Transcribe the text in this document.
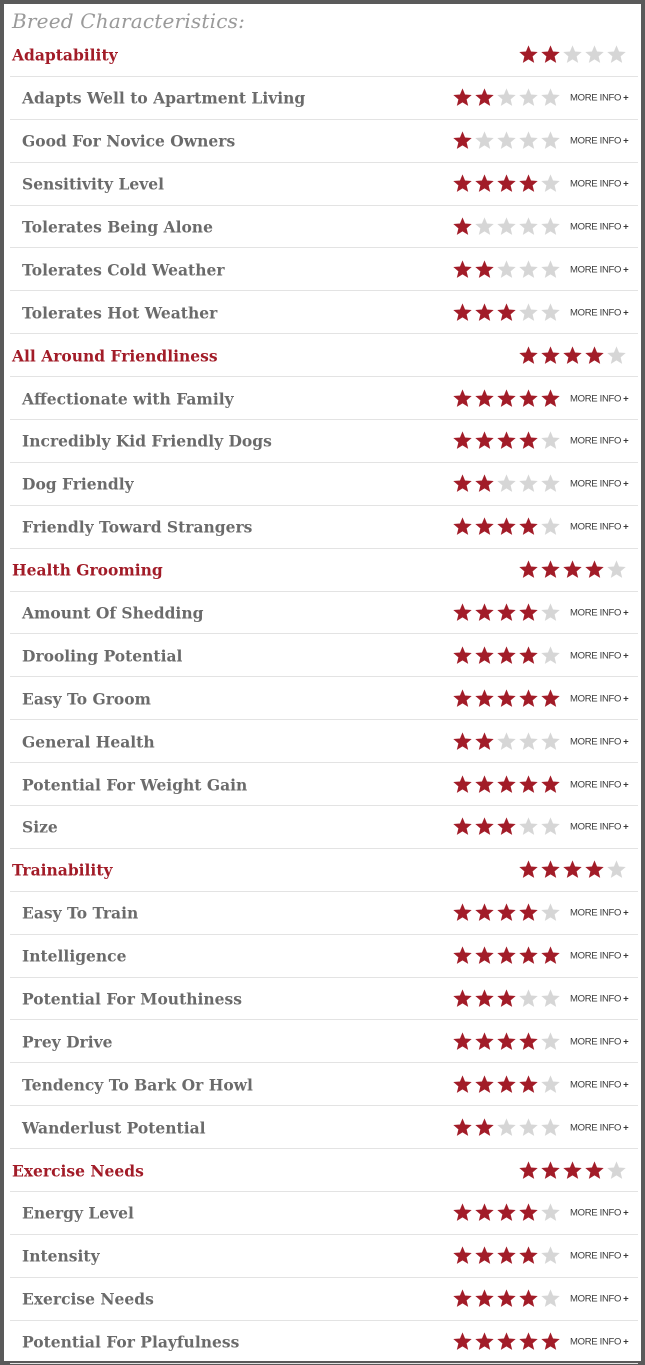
Breed Characteristics:
Adaptability
Adapts Well to Apartment Living	MORE INFO +
Good For Novice Owners	MORE INFO +
Sensitivity Level	MORE INFO +
Tolerates Being Alone	MORE INFO +
Tolerates Cold Weather	MORE INFO +
Tolerates Hot Weather	MORE INFO +
All Around Friendliness
Affectionate with Family	MORE INFO +
Incredibly Kid Friendly Dogs	MORE INFO +
Dog Friendly	MORE INFO +
Friendly Toward Strangers	MORE INFO +
Health Grooming
Amount Of Shedding	MORE INFO +
Drooling Potential	MORE INFO +
Easy To Groom	MORE INFO +
General Health	MORE INFO +
Potential For Weight Gain	MORE INFO +
Size	MORE INFO +
Trainability
Easy To Train	MORE INFO +
Intelligence	MORE INFO +
Potential For Mouthiness	MORE INFO +
Prey Drive	MORE INFO +
Tendency To Bark Or Howl	MORE INFO +
Wanderlust Potential	MORE INFO +
Exercise Needs
Energy Level	MORE INFO +
Intensity	MORE INFO +
Exercise Needs	MORE INFO +
Potential For Playfulness	MORE INFO +
